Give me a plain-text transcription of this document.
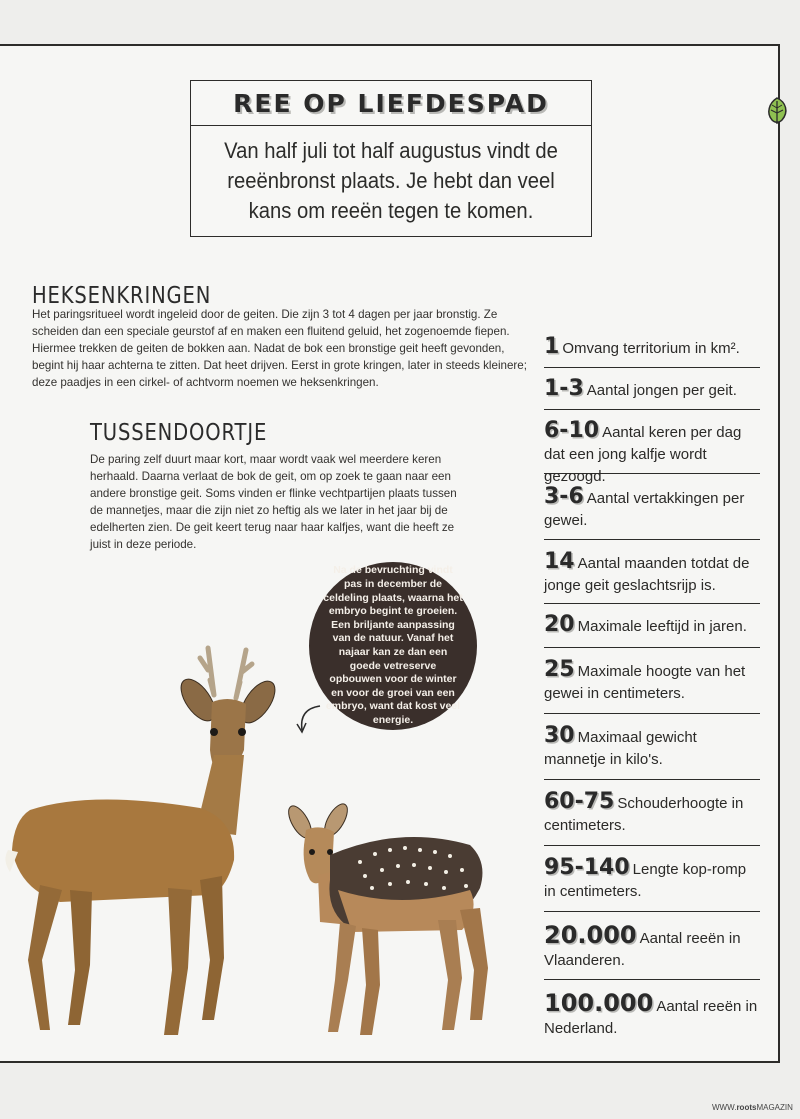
REE OP LIEFDESPAD
Van half juli tot half augustus vindt de reeënbronst plaats. Je hebt dan veel kans om reeën tegen te komen.
HEKSENKRINGEN

Het paringsritueel wordt ingeleid door de geiten. Die zijn 3 tot 4 dagen per jaar bronstig. Ze scheiden dan een speciale geurstof af en maken een fluitend geluid, het zogenoemde fiepen. Hiermee trekken de geiten de bokken aan. Nadat de bok een bronstige geit heeft gevonden, begint hij haar achterna te zitten. Dat heet drijven. Eerst in grote kringen, later in steeds kleinere; deze paadjes in een cirkel- of achtvorm noemen we heksenkringen.

TUSSENDOORTJE

De paring zelf duurt maar kort, maar wordt vaak wel meerdere keren herhaald. Daarna verlaat de bok de geit, om op zoek te gaan naar een andere bronstige geit. Soms vinden er flinke vechtpartijen plaats tussen de mannetjes, maar die zijn niet zo heftig als we later in het jaar bij de edelherten zien. De geit keert terug naar haar kalfjes, want die heeft ze juist in deze periode.

Na de bevruchting vindt pas in december de celdeling plaats, waarna het embryo begint te groeien. Een briljante aanpassing van de natuur. Vanaf het najaar kan ze dan een goede vetreserve opbouwen voor de winter en voor de groei van een embryo, want dat kost veel energie.

1 Omvang territorium in km².
1-3 Aantal jongen per geit.
6-10 Aantal keren per dag dat een jong kalfje wordt gezoogd.
3-6 Aantal vertakkingen per gewei.
14 Aantal maanden totdat de jonge geit geslachtsrijp is.
20 Maximale leeftijd in jaren.
25 Maximale hoogte van het gewei in centimeters.
30 Maximaal gewicht mannetje in kilo's.
60-75 Schouderhoogte in centimeters.
95-140 Lengte kop-romp in centimeters.
20.000 Aantal reeën in Vlaanderen.
100.000 Aantal reeën in Nederland.
WWW.rootsMAGAZIN
